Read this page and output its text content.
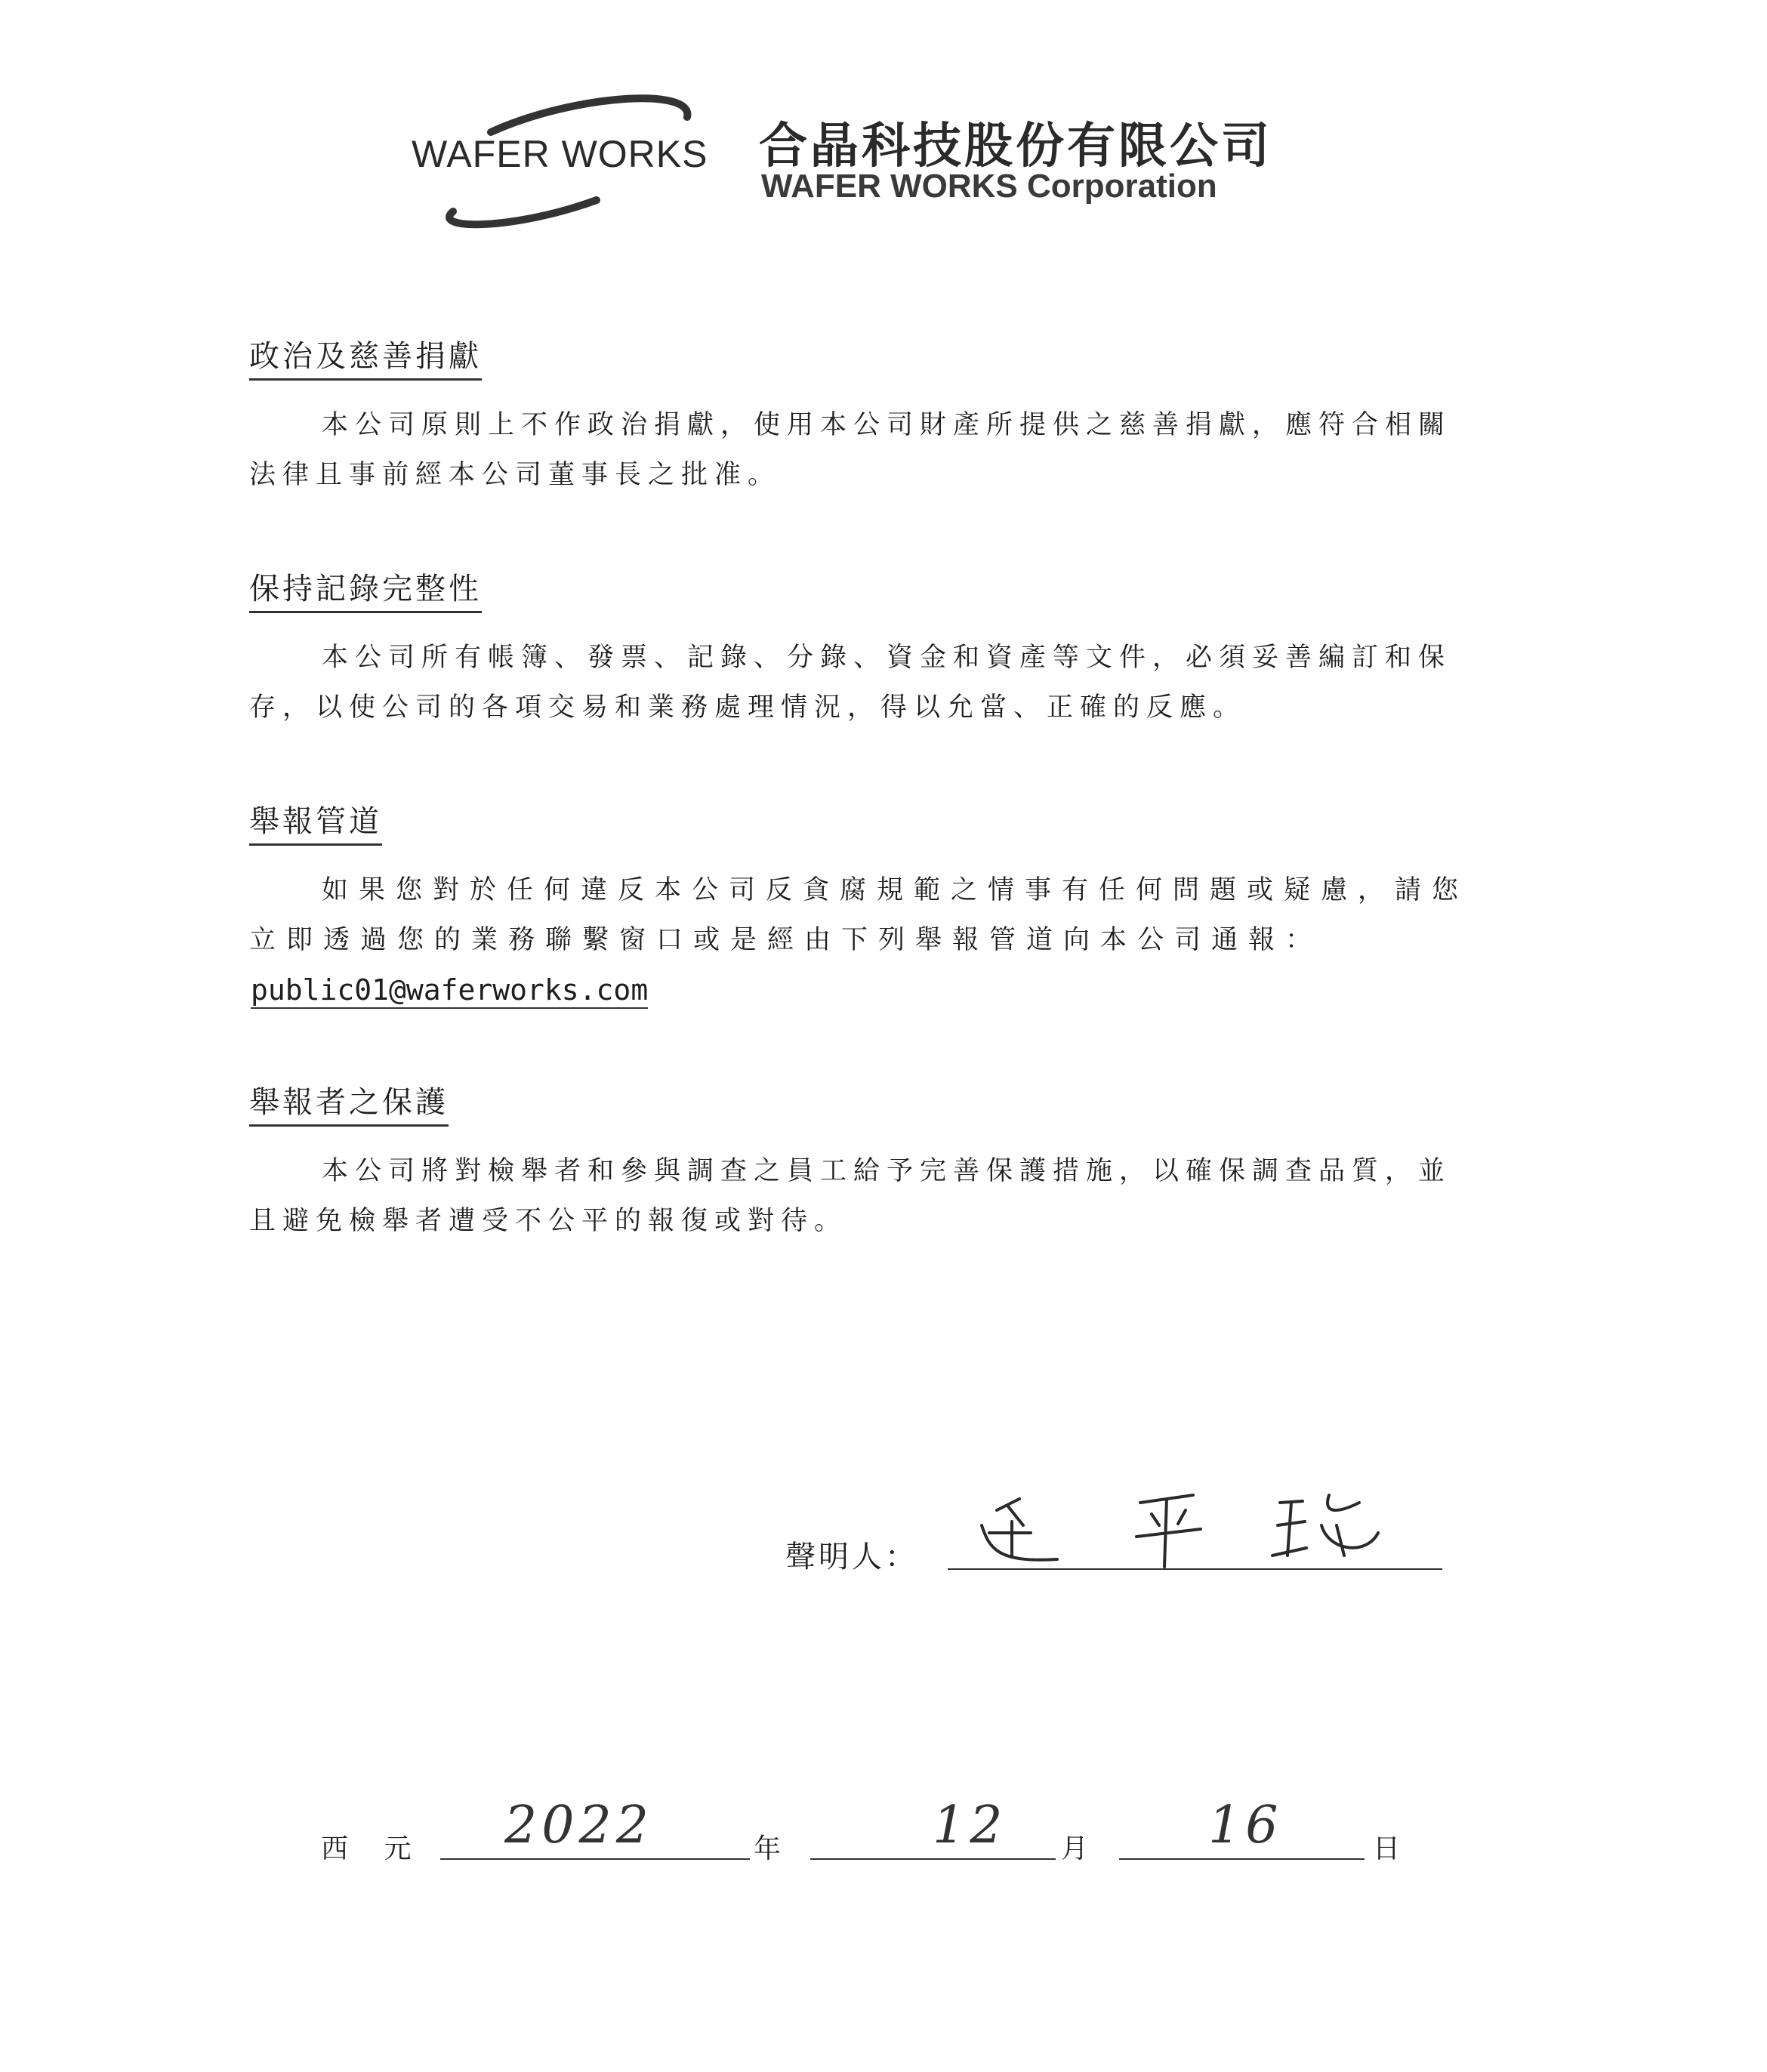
WAFER WORKS 合晶科技股份有限公司
WAFER WORKS Corporation
政治及慈善捐獻

本公司原則上不作政治捐獻，使用本公司財產所提供之慈善捐獻，應符合相關法律且事前經本公司董事長之批准。

保持記錄完整性

本公司所有帳簿、發票、記錄、分錄、資金和資產等文件，必須妥善編訂和保存，以使公司的各項交易和業務處理情況，得以允當、正確的反應。

舉報管道

如果您對於任何違反本公司反貪腐規範之情事有任何問題或疑慮，請您立即透過您的業務聯繫窗口或是經由下列舉報管道向本公司通報：

public01@waferworks.com
舉報者之保護

本公司將對檢舉者和參與調查之員工給予完善保護措施，以確保調查品質，並且避免檢舉者遭受不公平的報復或對待。

聲明人：
西 元 2022	年	12 月 16	日
